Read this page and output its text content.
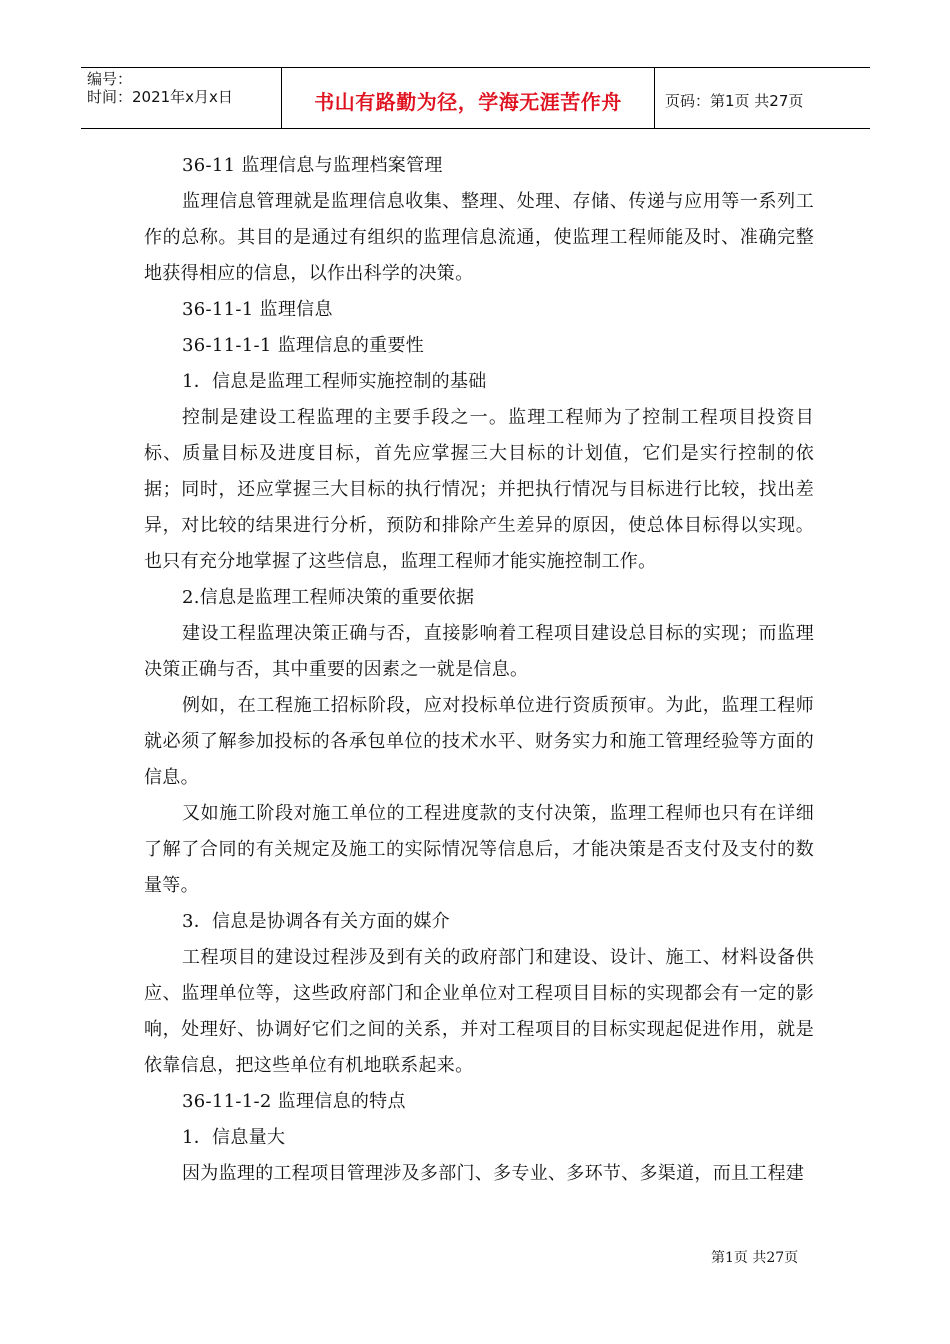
编号：
时间：2021年x月x日	书山有路勤为径，学海无涯苦作舟	页码：第1页 共27页

36-11 监理信息与监理档案管理

监理信息管理就是监理信息收集、整理、处理、存储、传递与应用等一系列工作的总称。其目的是通过有组织的监理信息流通，使监理工程师能及时、准确完整地获得相应的信息，以作出科学的决策。

36-11-1 监理信息

36-11-1-1 监理信息的重要性

1．信息是监理工程师实施控制的基础

控制是建设工程监理的主要手段之一。监理工程师为了控制工程项目投资目标、质量目标及进度目标，首先应掌握三大目标的计划值，它们是实行控制的依据；同时，还应掌握三大目标的执行情况；并把执行情况与目标进行比较，找出差异，对比较的结果进行分析，预防和排除产生差异的原因，使总体目标得以实现。也只有充分地掌握了这些信息，监理工程师才能实施控制工作。

2.信息是监理工程师决策的重要依据

建设工程监理决策正确与否，直接影响着工程项目建设总目标的实现；而监理决策正确与否，其中重要的因素之一就是信息。

例如，在工程施工招标阶段，应对投标单位进行资质预审。为此，监理工程师就必须了解参加投标的各承包单位的技术水平、财务实力和施工管理经验等方面的信息。

又如施工阶段对施工单位的工程进度款的支付决策，监理工程师也只有在详细了解了合同的有关规定及施工的实际情况等信息后，才能决策是否支付及支付的数量等。

3．信息是协调各有关方面的媒介

工程项目的建设过程涉及到有关的政府部门和建设、设计、施工、材料设备供应、监理单位等，这些政府部门和企业单位对工程项目目标的实现都会有一定的影响，处理好、协调好它们之间的关系，并对工程项目的目标实现起促进作用，就是依靠信息，把这些单位有机地联系起来。

36-11-1-2 监理信息的特点

1．信息量大

因为监理的工程项目管理涉及多部门、多专业、多环节、多渠道，而且工程建

第1页 共27页
